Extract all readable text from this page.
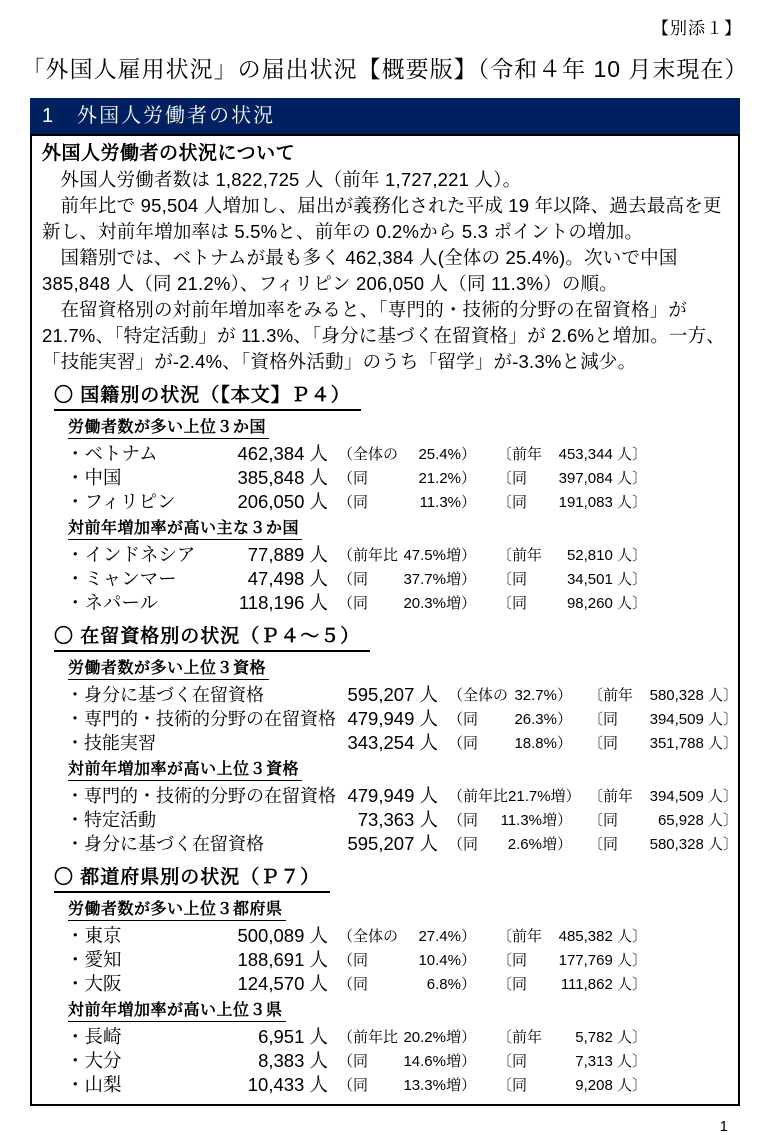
【別添１】
「外国人雇用状況」の届出状況【概要版】（令和４年 10 月末現在）
1　外国人労働者の状況
外国人労働者の状況について

外国人労働者数は 1,822,725 人（前年 1,727,221 人）。

前年比で 95,504 人増加し、届出が義務化された平成 19 年以降、過去最高を更新し、対前年増加率は 5.5%と、前年の 0.2%から 5.3 ポイントの増加。

国籍別では、ベトナムが最も多く 462,384 人(全体の 25.4%)。次いで中国 385,848 人（同 21.2%）、フィリピン 206,050 人（同 11.3%）の順。

在留資格別の対前年増加率をみると、「専門的・技術的分野の在留資格」が 21.7%、「特定活動」が 11.3%、「身分に基づく在留資格」が 2.6%と増加。一方、「技能実習」が-2.4%、「資格外活動」のうち「留学」が-3.3%と減少。

〇 国籍別の状況（【本文】Ｐ４）
労働者数が多い上位３か国
・ベトナム	462,384 人 （全体の 25.4%） 〔前年 453,344 人〕
・中国	385,848 人 （同	21.2%） 〔同 397,084 人〕
・フィリピン	206,050 人 （同	11.3%） 〔同 191,083 人〕
対前年増加率が高い主な３か国
・インドネシア	77,889 人 （前年比 47.5%増） 〔前年 52,810 人〕
・ミャンマー	47,498 人 （同 37.7%増） 〔同	34,501 人〕
・ネパール	118,196 人 （同 20.3%増） 〔同	98,260 人〕
〇 在留資格別の状況（Ｐ４～５）
労働者数が多い上位３資格
・身分に基づく在留資格	595,207 人 （全体の 32.7%） 〔前年 580,328 人〕
・専門的・技術的分野の在留資格 479,949 人 （同 26.3%） 〔同 394,509 人〕
・技能実習	343,254 人 （同 18.8%） 〔同 351,788 人〕
対前年増加率が高い上位３資格
・専門的・技術的分野の在留資格 479,949 人 （前年比 21.7%増） 〔前年 394,509 人〕
・特定活動	73,363 人 （同 11.3%増） 〔同	65,928 人〕
・身分に基づく在留資格	595,207 人 （同 2.6%増） 〔同 580,328 人〕
〇 都道府県別の状況（Ｐ７）
労働者数が多い上位３都府県
・東京	500,089 人 （全体の 27.4%） 〔前年 485,382 人〕
・愛知	188,691 人 （同	10.4%） 〔同 177,769 人〕
・大阪	124,570 人 （同	6.8%） 〔同 111,862 人〕
対前年増加率が高い上位３県
・長崎	6,951 人 （前年比 20.2%増） 〔前年 5,782 人〕
・大分	8,383 人 （同 14.6%増） 〔同	7,313 人〕
・山梨	10,433 人 （同 13.3%増） 〔同	9,208 人〕
1
